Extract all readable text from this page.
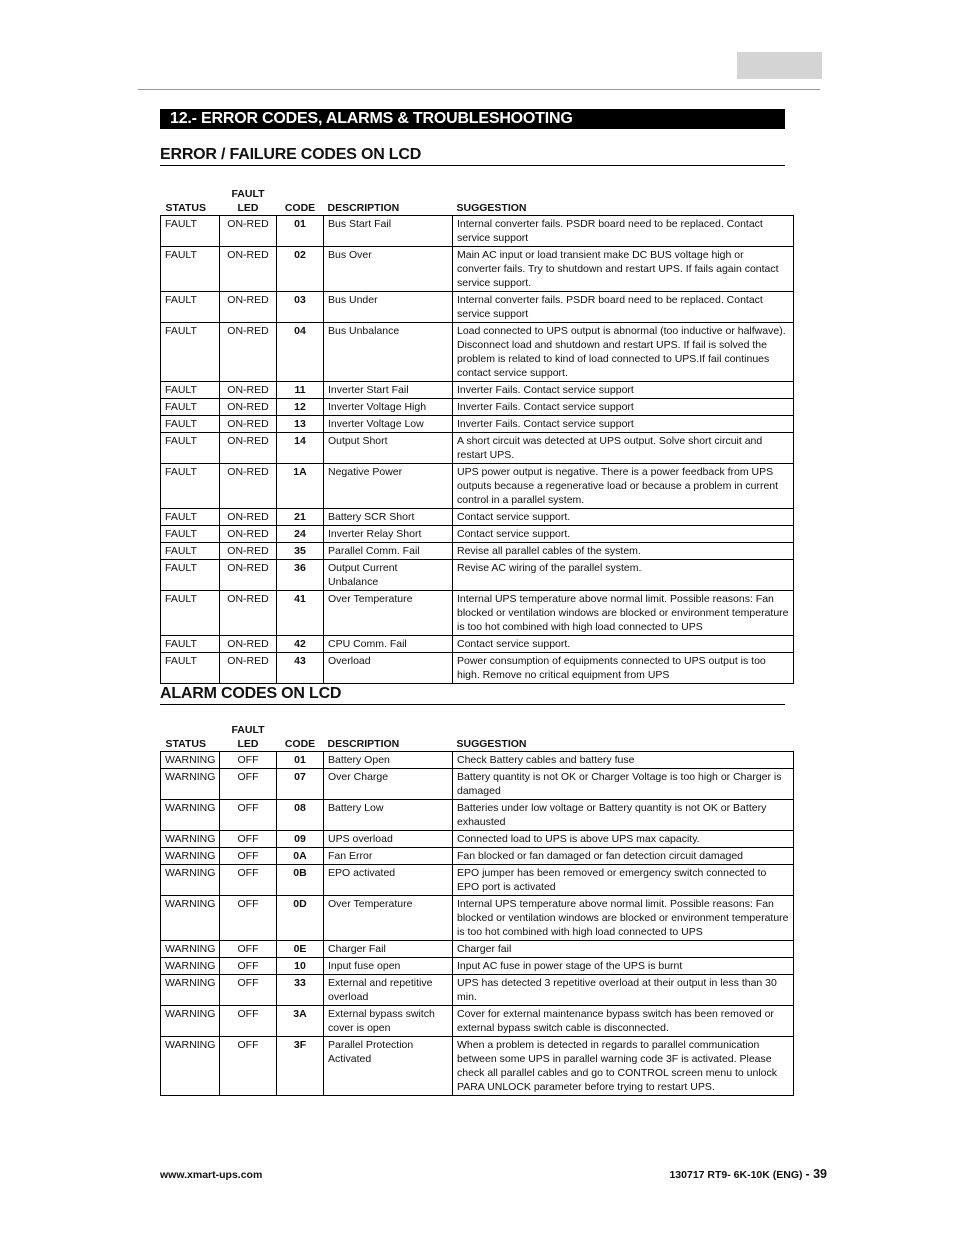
12.- ERROR CODES, ALARMS & TROUBLESHOOTING
ERROR / FAILURE CODES ON LCD
STATUS	FAULT
LED	CODE	DESCRIPTION	SUGGESTION
FAULT	ON-RED	01	Bus Start Fail	Internal converter fails. PSDR board need to be replaced. Contact service support
FAULT	ON-RED	02	Bus Over	Main AC input or load transient make DC BUS voltage high or converter fails. Try to shutdown and restart UPS. If fails again contact service support.
FAULT	ON-RED	03	Bus Under	Internal converter fails. PSDR board need to be replaced. Contact service support
FAULT	ON-RED	04	Bus Unbalance	Load connected to UPS output is abnormal (too inductive or halfwave). Disconnect load and shutdown and restart UPS. If fail is solved the problem is related to kind of load connected to UPS.If fail continues contact service support.
FAULT	ON-RED	11	Inverter Start Fail	Inverter Fails. Contact service support
FAULT	ON-RED	12	Inverter Voltage High	Inverter Fails. Contact service support
FAULT	ON-RED	13	Inverter Voltage Low	Inverter Fails. Contact service support
FAULT	ON-RED	14	Output Short	A short circuit was detected at UPS output. Solve short circuit and restart UPS.
FAULT	ON-RED	1A	Negative Power	UPS power output is negative. There is a power feedback from UPS outputs because a regenerative load or because a problem in current control in a parallel system.
FAULT	ON-RED	21	Battery SCR Short	Contact service support.
FAULT	ON-RED	24	Inverter Relay Short	Contact service support.
FAULT	ON-RED	35	Parallel Comm. Fail	Revise all parallel cables of the system.
FAULT	ON-RED	36	Output Current Unbalance	Revise AC wiring of the parallel system.
FAULT	ON-RED	41	Over Temperature	Internal UPS temperature above normal limit. Possible reasons: Fan blocked or ventilation windows are blocked or environment temperature is too hot combined with high load connected to UPS
FAULT	ON-RED	42	CPU Comm. Fail	Contact service support.
FAULT	ON-RED	43	Overload	Power consumption of equipments connected to UPS output is too high. Remove no critical equipment from UPS
ALARM CODES ON LCD
STATUS	FAULT
LED	CODE	DESCRIPTION	SUGGESTION
WARNING	OFF	01	Battery Open	Check Battery cables and battery fuse
WARNING	OFF	07	Over Charge	Battery quantity is not OK or Charger Voltage is too high or Charger is damaged
WARNING	OFF	08	Battery Low	Batteries under low voltage or Battery quantity is not OK or Battery exhausted
WARNING	OFF	09	UPS overload	Connected load to UPS is above UPS max capacity.
WARNING	OFF	0A	Fan Error	Fan blocked or fan damaged or fan detection circuit damaged
WARNING	OFF	0B	EPO activated	EPO jumper has been removed or emergency switch connected to EPO port is activated
WARNING	OFF	0D	Over Temperature	Internal UPS temperature above normal limit. Possible reasons: Fan blocked or ventilation windows are blocked or environment temperature is too hot combined with high load connected to UPS
WARNING	OFF	0E	Charger Fail	Charger fail
WARNING	OFF	10	Input fuse open	Input AC fuse in power stage of the UPS is burnt
WARNING	OFF	33	External and repetitive overload	UPS has detected 3 repetitive overload at their output in less than 30 min.
WARNING	OFF	3A	External bypass switch cover is open	Cover for external maintenance bypass switch has been removed or external bypass switch cable is disconnected.
WARNING	OFF	3F	Parallel Protection Activated	When a problem is detected in regards to parallel communication between some UPS in parallel warning code 3F is activated. Please check all parallel cables and go to CONTROL screen menu to unlock PARA UNLOCK parameter before trying to restart UPS.
www.xmart-ups.com	130717 RT9- 6K-10K (ENG) - 39
